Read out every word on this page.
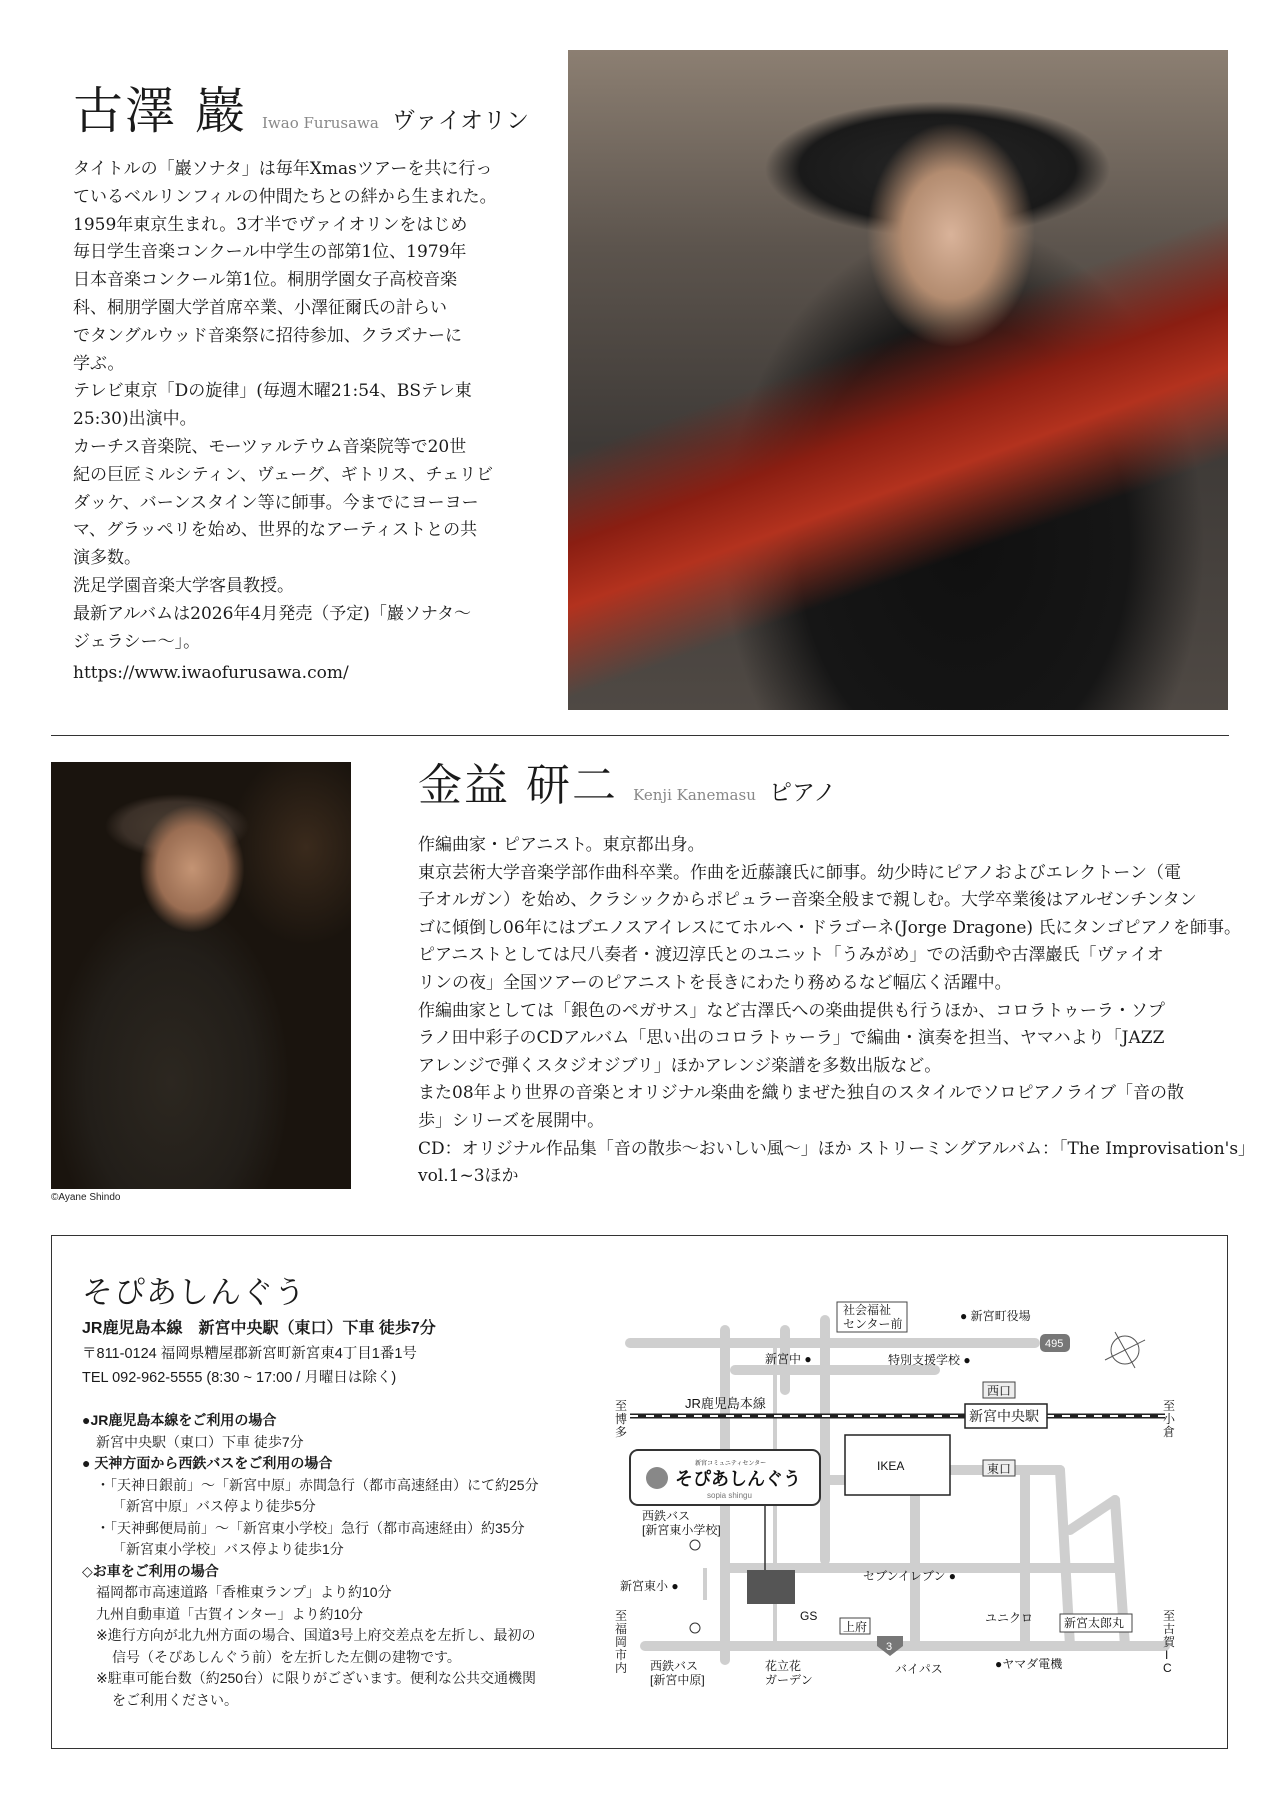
古澤 巖 Iwao Furusawa ヴァイオリン

タイトルの「巖ソナタ」は毎年Xmasツアーを共に行っ

ているベルリンフィルの仲間たちとの絆から生まれた。

1959年東京生まれ。3才半でヴァイオリンをはじめ

毎日学生音楽コンクール中学生の部第1位、1979年

日本音楽コンクール第1位。桐朋学園女子高校音楽

科、桐朋学園大学首席卒業、小澤征爾氏の計らい

でタングルウッド音楽祭に招待参加、クラズナーに

学ぶ。

テレビ東京「Dの旋律」(毎週木曜21:54、BSテレ東

25:30)出演中。

カーチス音楽院、モーツァルテウム音楽院等で20世

紀の巨匠ミルシティン、ヴェーグ、ギトリス、チェリビ

ダッケ、バーンスタイン等に師事。今までにヨーヨー

マ、グラッペリを始め、世界的なアーティストとの共

演多数。

洗足学園音楽大学客員教授。

最新アルバムは2026年4月発売（予定)「巖ソナタ〜

ジェラシー〜」。

https://www.iwaofurusawa.com/
©Ayane Shindo
金益 研二 Kenji Kanemasu ピアノ

作編曲家・ピアニスト。東京都出身。

東京芸術大学音楽学部作曲科卒業。作曲を近藤譲氏に師事。幼少時にピアノおよびエレクトーン（電

子オルガン）を始め、クラシックからポピュラー音楽全般まで親しむ。大学卒業後はアルゼンチンタン

ゴに傾倒し06年にはブエノスアイレスにてホルヘ・ドラゴーネ(Jorge Dragone) 氏にタンゴピアノを師事。

ピアニストとしては尺八奏者・渡辺淳氏とのユニット「うみがめ」での活動や古澤巖氏「ヴァイオ

リンの夜」全国ツアーのピアニストを長きにわたり務めるなど幅広く活躍中。

作編曲家としては「銀色のペガサス」など古澤氏への楽曲提供も行うほか、コロラトゥーラ・ソプ

ラノ田中彩子のCDアルバム「思い出のコロラトゥーラ」で編曲・演奏を担当、ヤマハより「JAZZ

アレンジで弾くスタジオジブリ」ほかアレンジ楽譜を多数出版など。

また08年より世界の音楽とオリジナル楽曲を織りまぜた独自のスタイルでソロピアノライブ「音の散

歩」シリーズを展開中。

CD：オリジナル作品集「音の散歩〜おいしい風〜」ほか ストリーミングアルバム：「The Improvisation's」

vol.1~3ほか

そぴあしんぐう
JR鹿児島本線　新宮中央駅（東口）下車 徒歩7分
〒811-0124 福岡県糟屋郡新宮町新宮東4丁目1番1号
TEL 092-962-5555 (8:30 ~ 17:00 / 月曜日は除く)
●JR鹿児島本線をご利用の場合
新宮中央駅（東口）下車 徒歩7分
● 天神方面から西鉄バスをご利用の場合
・「天神日銀前」〜「新宮中原」赤間急行（都市高速経由）にて約25分
「新宮中原」バス停より徒歩5分
・「天神郵便局前」〜「新宮東小学校」急行（都市高速経由）約35分
「新宮東小学校」バス停より徒歩1分
◇お車をご利用の場合
福岡都市高速道路「香椎東ランプ」より約10分
九州自動車道「古賀インター」より約10分
※進行方向が北九州方面の場合、国道3号上府交差点を左折し、最初の
信号（そぴあしんぐう前）を左折した左側の建物です。
※駐車可能台数（約250台）に限りがございます。便利な公共交通機関
をご利用ください。
IKEA
新宮コミュニティセンター
そぴあしんぐう
sopia shingu
新宮中央駅
西口
東口
JR鹿児島本線
至
博
多
至
小
倉
社会福祉
センター前
● 新宮町役場
495
新宮中 ●	特別支援学校 ●
西鉄バス
[新宮東小学校]
セブンイレブン ●
新宮東小 ●
GS
上府
ユニクロ	新宮太郎丸
至
福
岡
市
内
至
古
賀
I
C
西鉄バス
[新宮中原]
花立花
ガーデン
3
バイパス	●ヤマダ電機
